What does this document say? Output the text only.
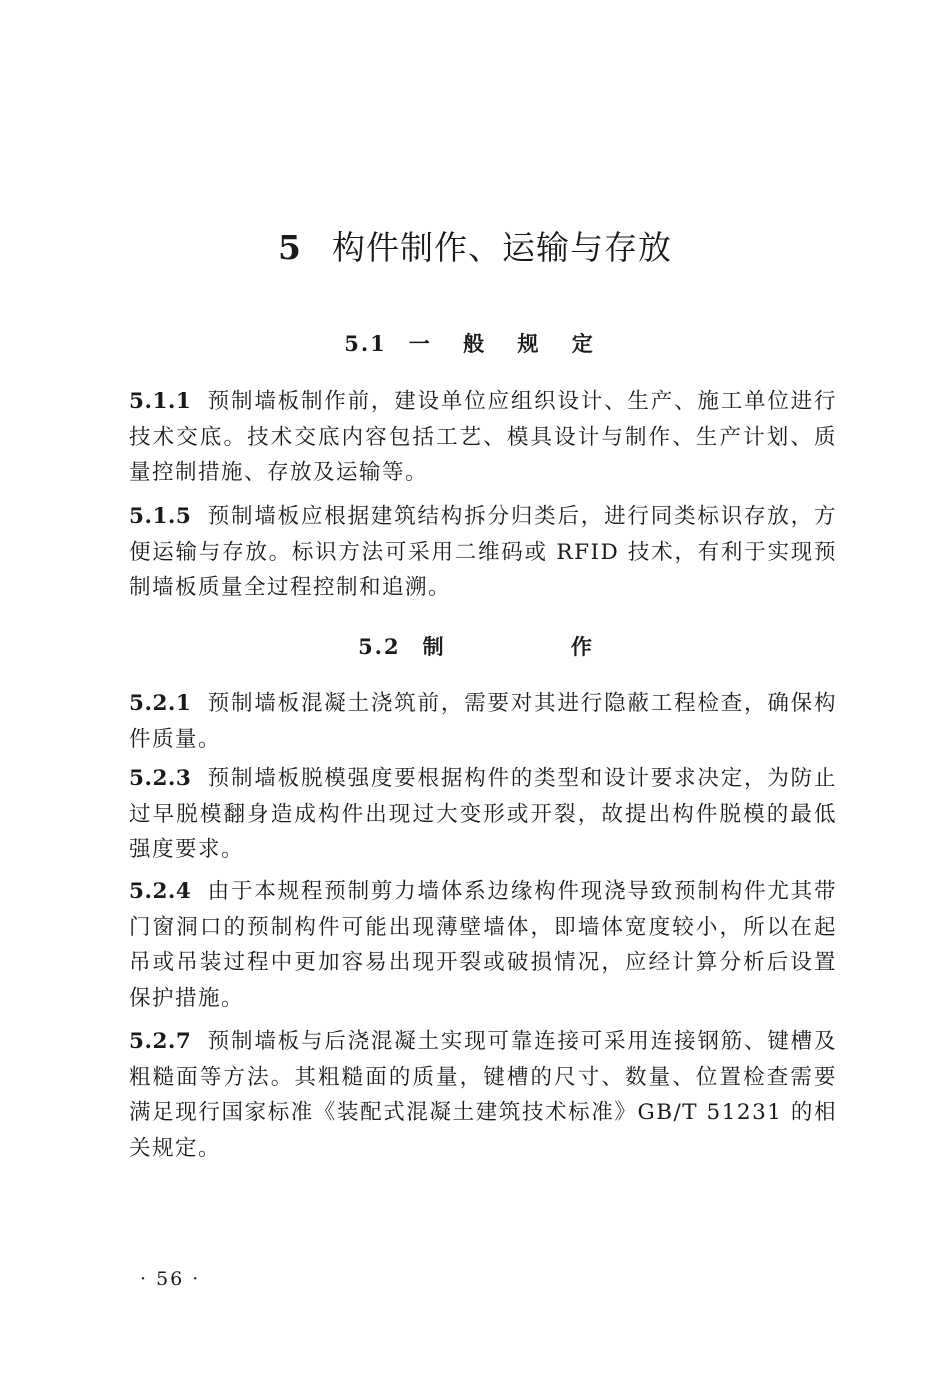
5 构件制作、运输与存放
5.1 一 般 规 定

5.1.1 预制墙板制作前，建设单位应组织设计、生产、施工单位进行技术交底。技术交底内容包括工艺、模具设计与制作、生产计划、质量控制措施、存放及运输等。

5.1.5 预制墙板应根据建筑结构拆分归类后，进行同类标识存放，方便运输与存放。标识方法可采用二维码或 RFID 技术，有利于实现预制墙板质量全过程控制和追溯。

5.2 制 作

5.2.1 预制墙板混凝土浇筑前，需要对其进行隐蔽工程检查，确保构件质量。

5.2.3 预制墙板脱模强度要根据构件的类型和设计要求决定，为防止过早脱模翻身造成构件出现过大变形或开裂，故提出构件脱模的最低强度要求。

5.2.4 由于本规程预制剪力墙体系边缘构件现浇导致预制构件尤其带门窗洞口的预制构件可能出现薄壁墙体，即墙体宽度较小，所以在起吊或吊装过程中更加容易出现开裂或破损情况，应经计算分析后设置保护措施。

5.2.7 预制墙板与后浇混凝土实现可靠连接可采用连接钢筋、键槽及粗糙面等方法。其粗糙面的质量，键槽的尺寸、数量、位置检查需要满足现行国家标准《装配式混凝土建筑技术标准》GB/T 51231 的相关规定。

· 56 ·
